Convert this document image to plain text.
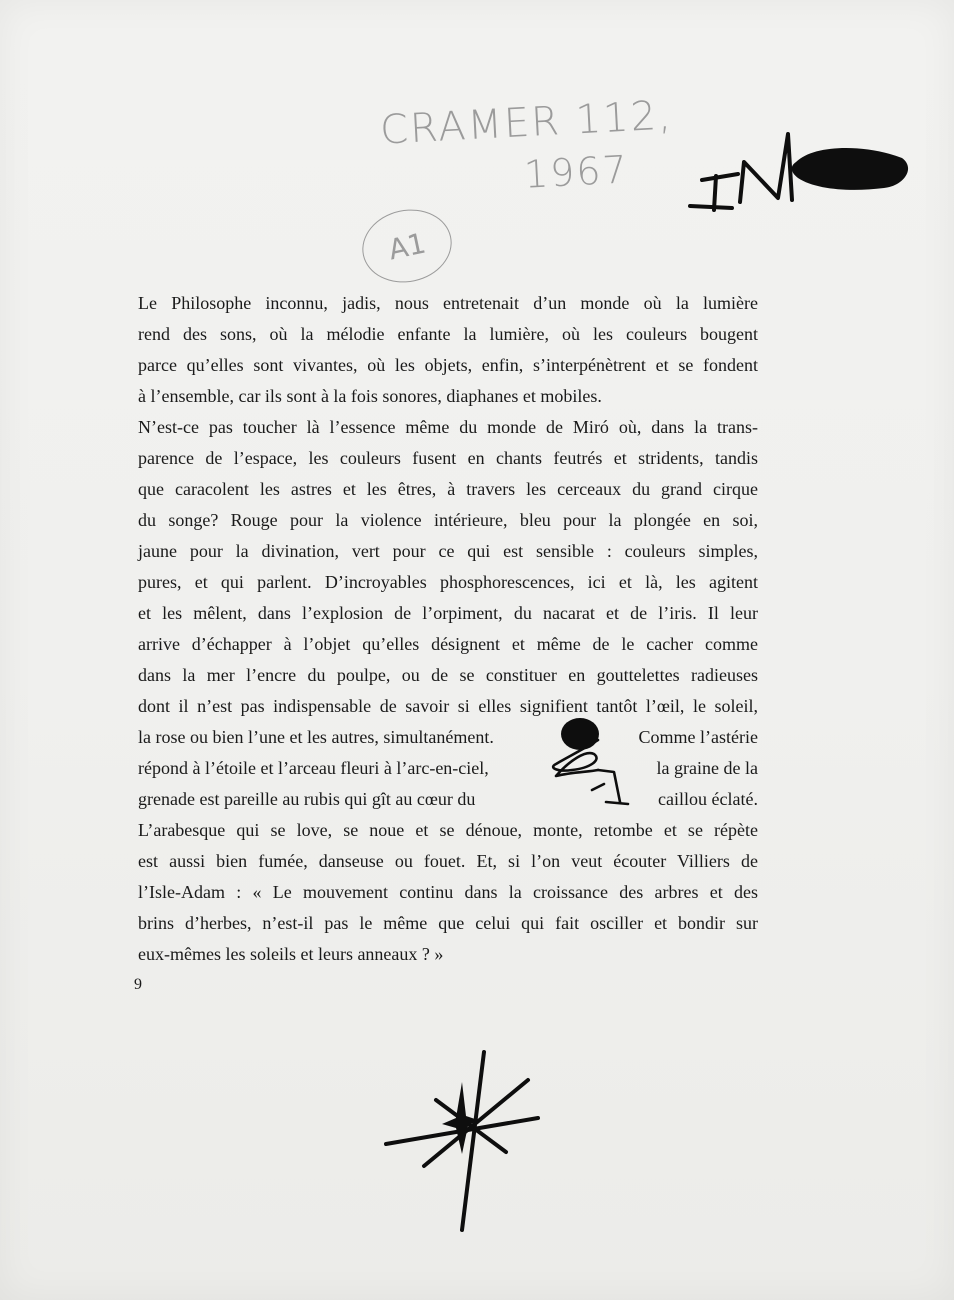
CRAMER 112,
1967
A1
Le Philosophe inconnu, jadis, nous entretenait d’un monde où la lumière
rend des sons, où la mélodie enfante la lumière, où les couleurs bougent
parce qu’elles sont vivantes, où les objets, enfin, s’interpénètrent et se fondent
à l’ensemble, car ils sont à la fois sonores, diaphanes et mobiles.
N’est-ce pas toucher là l’essence même du monde de Miró où, dans la trans-
parence de l’espace, les couleurs fusent en chants feutrés et stridents, tandis
que caracolent les astres et les êtres, à travers les cerceaux du grand cirque
du songe? Rouge pour la violence intérieure, bleu pour la plongée en soi,
jaune pour la divination, vert pour ce qui est sensible : couleurs simples,
pures, et qui parlent. D’incroyables phosphorescences, ici et là, les agitent
et les mêlent, dans l’explosion de l’orpiment, du nacarat et de l’iris. Il leur
arrive d’échapper à l’objet qu’elles désignent et même de le cacher comme
dans la mer l’encre du poulpe, ou de se constituer en gouttelettes radieuses
dont il n’est pas indispensable de savoir si elles signifient tantôt l’œil, le soleil,
la rose ou bien l’une et les autres, simultanément.	Comme l’astérie
répond à l’étoile et l’arceau fleuri à l’arc-en-ciel,	la graine de la
grenade est pareille au rubis qui gît au cœur du	caillou éclaté.
L’arabesque qui se love, se noue et se dénoue, monte, retombe et se répète
est aussi bien fumée, danseuse ou fouet. Et, si l’on veut écouter Villiers de
l’Isle-Adam : « Le mouvement continu dans la croissance des arbres et des
brins d’herbes, n’est-il pas le même que celui qui fait osciller et bondir sur
eux-mêmes les soleils et leurs anneaux ? »
9
